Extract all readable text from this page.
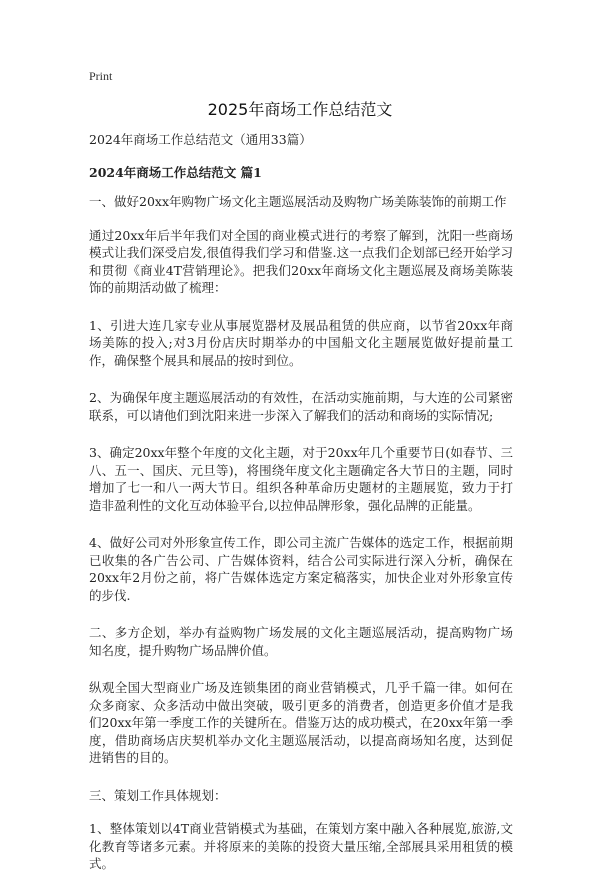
Print
2025年商场工作总结范文

2024年商场工作总结范文（通用33篇）

2024年商场工作总结范文 篇1

一、做好20xx年购物广场文化主题巡展活动及购物广场美陈装饰的前期工作

通过20xx年后半年我们对全国的商业模式进行的考察了解到，沈阳一些商场模式让我们深受启发,很值得我们学习和借鉴.这一点我们企划部已经开始学习和贯彻《商业4T营销理论》。把我们20xx年商场文化主题巡展及商场美陈装饰的前期活动做了梳理：

1、引进大连几家专业从事展览器材及展品租赁的供应商，以节省20xx年商场美陈的投入;对3月份店庆时期举办的中国船文化主题展览做好提前量工作，确保整个展具和展品的按时到位。

2、为确保年度主题巡展活动的有效性，在活动实施前期，与大连的公司紧密联系，可以请他们到沈阳来进一步深入了解我们的活动和商场的实际情况;

3、确定20xx年整个年度的文化主题，对于20xx年几个重要节日(如春节、三八、五一、国庆、元旦等)，将围绕年度文化主题确定各大节日的主题，同时增加了七一和八一两大节日。组织各种革命历史题材的主题展览，致力于打造非盈利性的文化互动体验平台,以拉伸品牌形象，强化品牌的正能量。

4、做好公司对外形象宣传工作，即公司主流广告媒体的选定工作，根据前期已收集的各广告公司、广告媒体资料，结合公司实际进行深入分析，确保在20xx年2月份之前，将广告媒体选定方案定稿落实，加快企业对外形象宣传的步伐.

二、多方企划，举办有益购物广场发展的文化主题巡展活动，提高购物广场知名度，提升购物广场品牌价值。

纵观全国大型商业广场及连锁集团的商业营销模式，几乎千篇一律。如何在众多商家、众多活动中做出突破，吸引更多的消费者，创造更多价值才是我们20xx年第一季度工作的关键所在。借鉴万达的成功模式，在20xx年第一季度，借助商场店庆契机举办文化主题巡展活动，以提高商场知名度，达到促进销售的目的。

三、策划工作具体规划：

1、整体策划以4T商业营销模式为基础，在策划方案中融入各种展览,旅游,文化教育等诸多元素。并将原来的美陈的投资大量压缩,全部展具采用租赁的模式。
